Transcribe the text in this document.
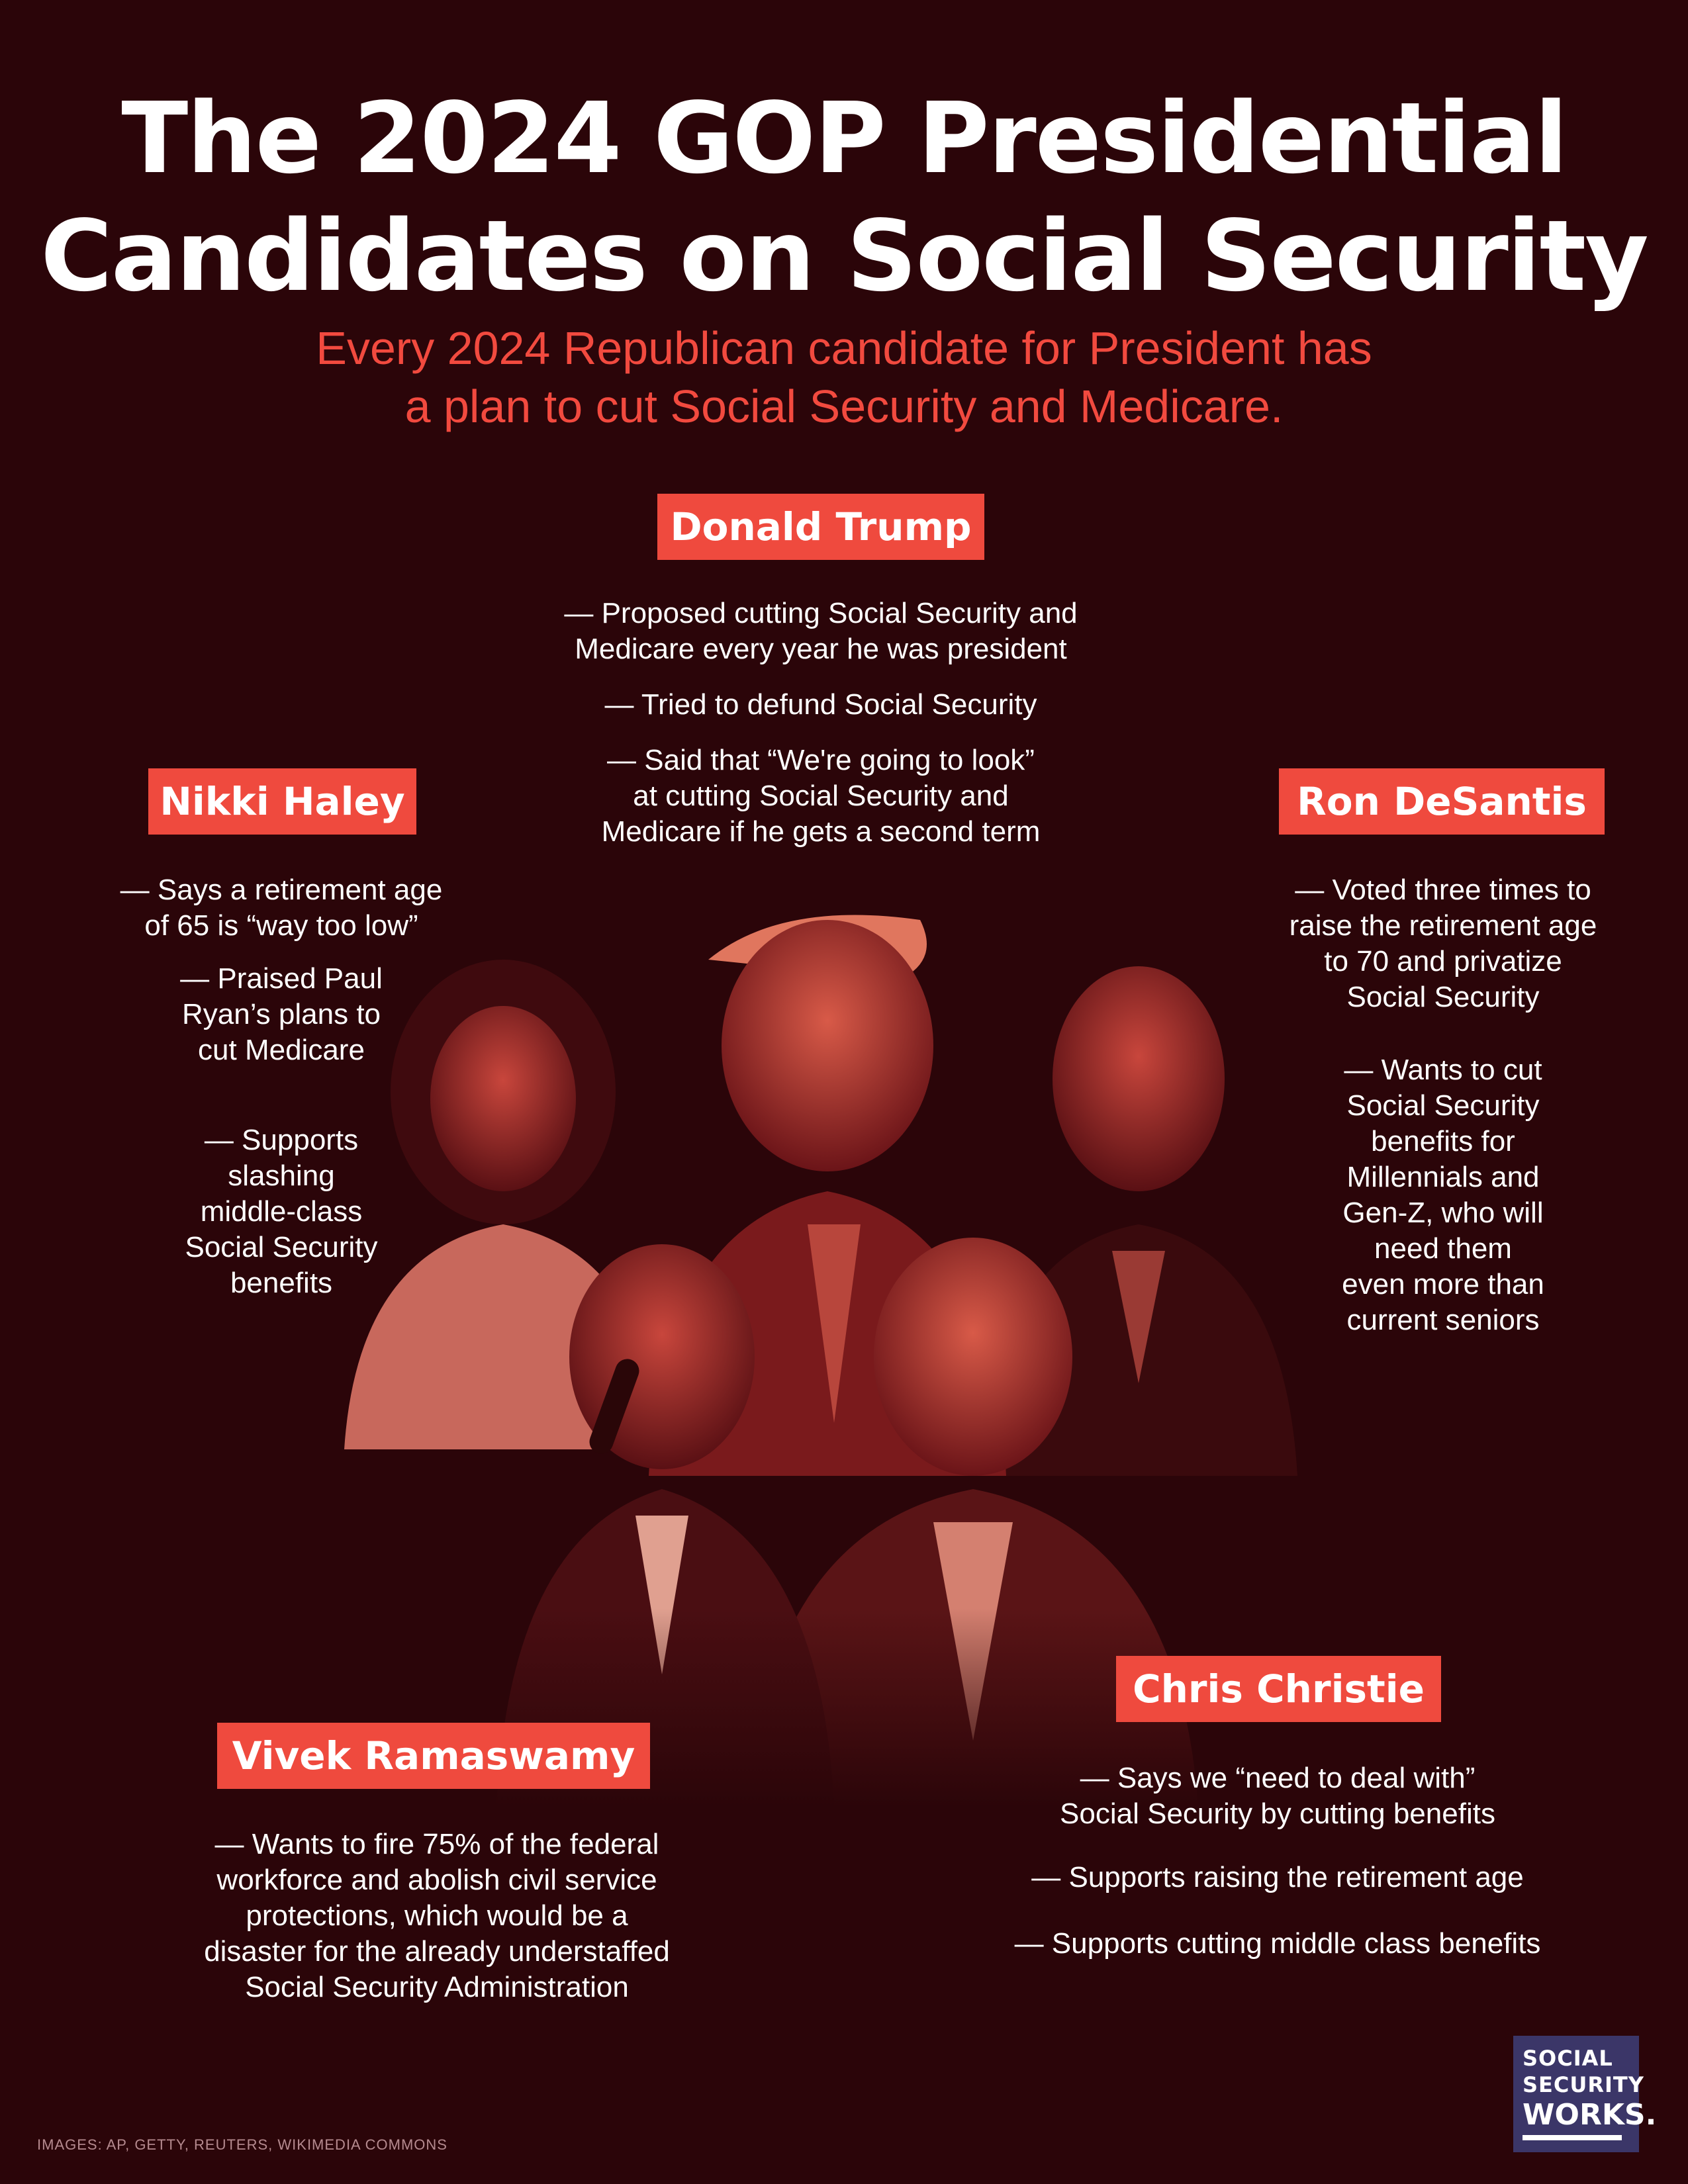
The 2024 GOP Presidential
Candidates on Social Security
Every 2024 Republican candidate for President has
a plan to cut Social Security and Medicare.
Donald Trump

— Proposed cutting Social Security and

Medicare every year he was president

— Tried to defund Social Security

— Said that “We're going to look”

at cutting Social Security and

Medicare if he gets a second term

Nikki Haley

— Says a retirement age

of 65 is “way too low”

— Praised Paul

Ryan’s plans to

cut Medicare

— Supports

slashing

middle-class

Social Security

benefits

Ron DeSantis

— Voted three times to

raise the retirement age

to 70 and privatize

Social Security

— Wants to cut

Social Security

benefits for

Millennials and

Gen-Z, who will

need them

even more than

current seniors

Vivek Ramaswamy

— Wants to fire 75% of the federal

workforce and abolish civil service

protections, which would be a

disaster for the already understaffed

Social Security Administration

Chris Christie

— Says we “need to deal with”

Social Security by cutting benefits

— Supports raising the retirement age

— Supports cutting middle class benefits

IMAGES: AP, GETTY, REUTERS, WIKIMEDIA COMMONS
SOCIAL
SECURITY
WORKS.
